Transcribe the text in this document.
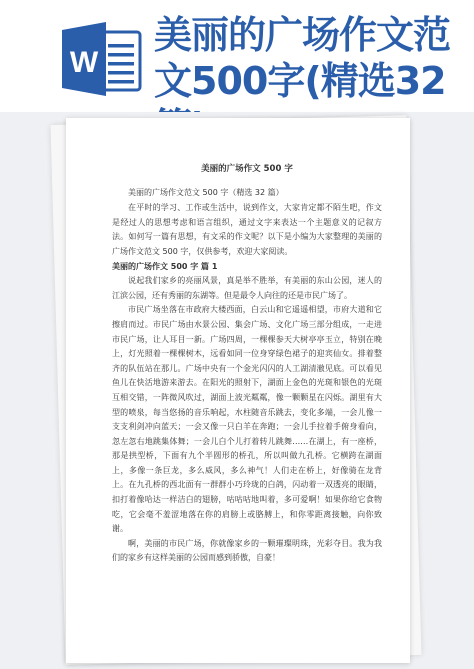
W
美丽的广场作文范文500字(精选32
美丽的广场作文 500 字
美丽的广场作文范文 500 字（精选 32 篇）

在平时的学习、工作或生活中，说到作文，大家肯定都不陌生吧，作文是经过人的思想考虑和语言组织，通过文字来表达一个主题意义的记叙方法。如何写一篇有思想，有文采的作文呢？以下是小编为大家整理的美丽的广场作文范文 500 字，仅供参考，欢迎大家阅读。

美丽的广场作文 500 字 篇 1

说起我们家乡的亮丽风景，真是举不胜举，有美丽的东山公园，迷人的江滨公园，还有秀丽的东湖等。但是最令人向往的还是市民广场了。

市民广场坐落在市政府大楼西面，白云山和它遥遥相望，市府大道和它擦肩而过。市民广场由水景公园、集会广场、文化广场三部分组成，一走进市民广场，让人耳目一新。广场四周，一棵棵参天大树亭亭玉立，特别在晚上，灯光照着一棵棵树木，远看如同一位身穿绿色裙子的迎宾仙女。排着整齐的队伍站在那儿。广场中央有一个金光闪闪的人工湖清澈见底。可以看见鱼儿在快活地游来游去。在阳光的照射下，湖面上金色的光斑和银色的光斑互相交错，一阵微风吹过，湖面上波光粼粼，像一颗颗星在闪烁。湖里有大型的喷泉，每当悠扬的音乐响起，水柱随音乐跳去，变化多端，一会儿像一支支利剑冲向蓝天；一会又像一只白羊在奔跑；一会儿手拉着手俯身看向，忽左忽右地跳集体舞；一会儿白个儿打着转儿跳舞……在湖上，有一座桥，那是拱型桥，下面有九个半圆形的桥孔，所以叫做九孔桥。它横跨在湖面上，多像一条巨龙，多么威风，多么神气！人们走在桥上，好像骑在龙背上。在九孔桥的西北面有一群群小巧玲珑的白鸽，闪动着一双透亮的眼睛，扣打着像哈达一样洁白的翅膀，咕咕咕地叫着，多可爱啊！如果你给它食物吃，它会毫不羞涩地落在你的肩膀上或胳膊上，和你零距离接触，向你致谢。

啊，美丽的市民广场，你就像家乡的一颗璀璨明珠，光彩夺目。我为我们的家乡有这样美丽的公园而感到骄傲，自豪！
